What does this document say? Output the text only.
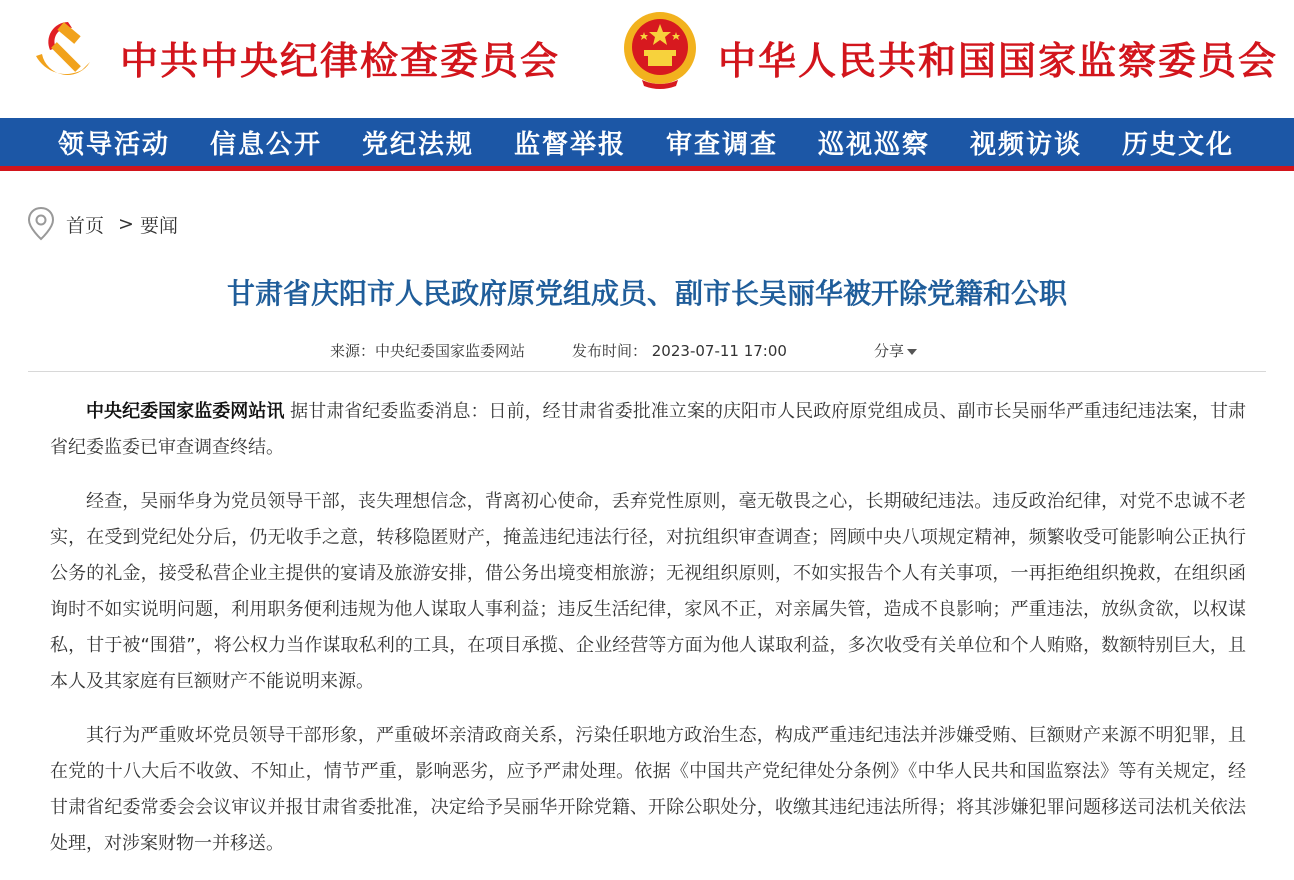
中共中央纪律检查委员会	中华人民共和国国家监察委员会
领导活动	信息公开	党纪法规	监督举报	审查调查	巡视巡察	视频访谈	历史文化
首页 > 要闻
甘肃省庆阳市人民政府原党组成员、副市长吴丽华被开除党籍和公职
来源：中央纪委国家监委网站	发布时间： 2023-07-11 17:00	分享

中央纪委国家监委网站讯 据甘肃省纪委监委消息：日前，经甘肃省委批准立案的庆阳市人民政府原党组成员、副市长吴丽华严重违纪违法案，甘肃省纪委监委已审查调查终结。

经查，吴丽华身为党员领导干部，丧失理想信念，背离初心使命，丢弃党性原则，毫无敬畏之心，长期破纪违法。违反政治纪律，对党不忠诚不老实，在受到党纪处分后，仍无收手之意，转移隐匿财产，掩盖违纪违法行径，对抗组织审查调查；罔顾中央八项规定精神，频繁收受可能影响公正执行公务的礼金，接受私营企业主提供的宴请及旅游安排，借公务出境变相旅游；无视组织原则，不如实报告个人有关事项，一再拒绝组织挽救，在组织函询时不如实说明问题，利用职务便利违规为他人谋取人事利益；违反生活纪律，家风不正，对亲属失管，造成不良影响；严重违法，放纵贪欲，以权谋私，甘于被“围猎”，将公权力当作谋取私利的工具，在项目承揽、企业经营等方面为他人谋取利益，多次收受有关单位和个人贿赂，数额特别巨大，且本人及其家庭有巨额财产不能说明来源。

其行为严重败坏党员领导干部形象，严重破坏亲清政商关系，污染任职地方政治生态，构成严重违纪违法并涉嫌受贿、巨额财产来源不明犯罪，且在党的十八大后不收敛、不知止，情节严重，影响恶劣，应予严肃处理。依据《中国共产党纪律处分条例》《中华人民共和国监察法》等有关规定，经甘肃省纪委常委会会议审议并报甘肃省委批准，决定给予吴丽华开除党籍、开除公职处分，收缴其违纪违法所得；将其涉嫌犯罪问题移送司法机关依法处理，对涉案财物一并移送。
